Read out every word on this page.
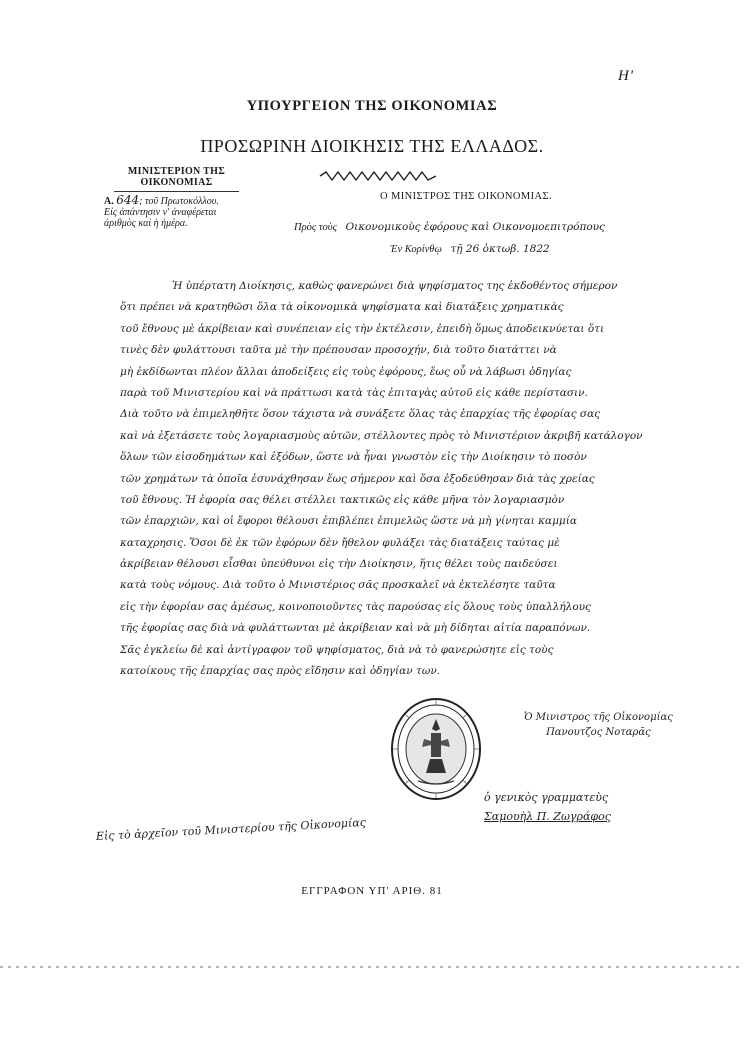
Η'
ΥΠΟΥΡΓΕΙΟΝ ΤΗΣ ΟΙΚΟΝΟΜΙΑΣ
ΠΡΟΣΩΡΙΝΗ ΔΙΟΙΚΗΣΙΣ ΤΗΣ ΕΛΛΑΔΟΣ.
ΜΙΝΙΣΤΕΡΙΟΝ ΤΗΣ
ΟΙΚΟΝΟΜΙΑΣ
Α. 644; τοῦ Πρωτοκόλλου.
Εἰς ἀπάντησιν ν' ἀναφέρεται
ἀριθμὸς καὶ ἡ ἡμέρα.
Ο ΜΙΝΙΣΤΡΟΣ ΤΗΣ ΟΙΚΟΝΟΜΙΑΣ.
Πρὸς τοὺς Οικονομικοὺς ἐφόρους καὶ Οικονομοεπιτρόπους
Ἐν Κορίνθῳ τῇ 26 ὀκτωβ. 1822
Ἡ ὑπέρτατη Διοίκησις, καθὼς φανερώνει διὰ ψηφίσματος της ἐκδοθέντος σήμερον
ὅτι πρέπει νὰ κρατηθῶσι ὅλα τὰ οἰκονομικὰ ψηφίσματα καὶ διατάξεις χρηματικὰς
τοῦ ἔθνους μὲ ἀκρίβειαν καὶ συνέπειαν εἰς τὴν ἐκτέλεσιν, ἐπειδὴ ὅμως ἀποδεικνύεται ὅτι
τινὲς δὲν φυλάττουσι ταῦτα μὲ τὴν πρέπουσαν προσοχήν, διὰ τοῦτο διατάττει νὰ
μὴ ἐκδίδωνται πλέον ἄλλαι ἀποδείξεις εἰς τοὺς ἐφόρους, ἕως οὗ νὰ λάβωσι ὁδηγίας
παρὰ τοῦ Μινιστερίου καὶ νὰ πράττωσι κατὰ τὰς ἐπιταγὰς αὐτοῦ εἰς κάθε περίστασιν.
Διὰ τοῦτο νὰ ἐπιμεληθῆτε ὅσον τάχιστα νὰ συνάξετε ὅλας τὰς ἐπαρχίας τῆς ἐφορίας σας
καὶ νὰ ἐξετάσετε τοὺς λογαριασμοὺς αὐτῶν, στέλλοντες πρὸς τὸ Μινιστέριον ἀκριβῆ κατάλογον
ὅλων τῶν εἰσοδημάτων καὶ ἐξόδων, ὥστε νὰ ἦναι γνωστὸν εἰς τὴν Διοίκησιν τὸ ποσὸν
τῶν χρημάτων τὰ ὁποῖα ἐσυνάχθησαν ἕως σήμερον καὶ ὅσα ἐξοδεύθησαν διὰ τὰς χρείας
τοῦ ἔθνους. Ἡ ἐφορία σας θέλει στέλλει τακτικῶς εἰς κάθε μῆνα τὸν λογαριασμὸν
τῶν ἐπαρχιῶν, καὶ οἱ ἔφοροι θέλουσι ἐπιβλέπει ἐπιμελῶς ὥστε νὰ μὴ γίνηται καμμία
καταχρησις. Ὅσοι δὲ ἐκ τῶν ἐφόρων δὲν ἤθελον φυλάξει τὰς διατάξεις ταύτας μὲ
ἀκρίβειαν θέλουσι εἶσθαι ὑπεύθυνοι εἰς τὴν Διοίκησιν, ἥτις θέλει τοὺς παιδεύσει
κατὰ τοὺς νόμους. Διὰ τοῦτο ὁ Μινιστέριος σᾶς προσκαλεῖ νὰ ἐκτελέσητε ταῦτα
εἰς τὴν ἐφορίαν σας ἀμέσως, κοινοποιοῦντες τὰς παρούσας εἰς ὅλους τοὺς ὑπαλλήλους
τῆς ἐφορίας σας διὰ νὰ φυλάττωνται μὲ ἀκρίβειαν καὶ νὰ μὴ δίδηται αἰτία παραπόνων.
Σᾶς ἐγκλείω δὲ καὶ ἀντίγραφον τοῦ ψηφίσματος, διὰ νὰ τὸ φανερώσητε εἰς τοὺς
κατοίκους τῆς ἐπαρχίας σας πρὸς εἴδησιν καὶ ὁδηγίαν των.
Ὁ Μινιστρος τῆς Οἰκονομίας
Πανουτζος Νοταρᾶς
ὁ γενικὸς γραμματεὺς
Σαμουὴλ Π. Ζωγράφος
Εἰς τὸ ἀρχεῖον τοῦ Μινιστερίου τῆς Οἰκονομίας
ΕΓΓΡΑΦΟΝ ΥΠ' ΑΡΙΘ. 81
